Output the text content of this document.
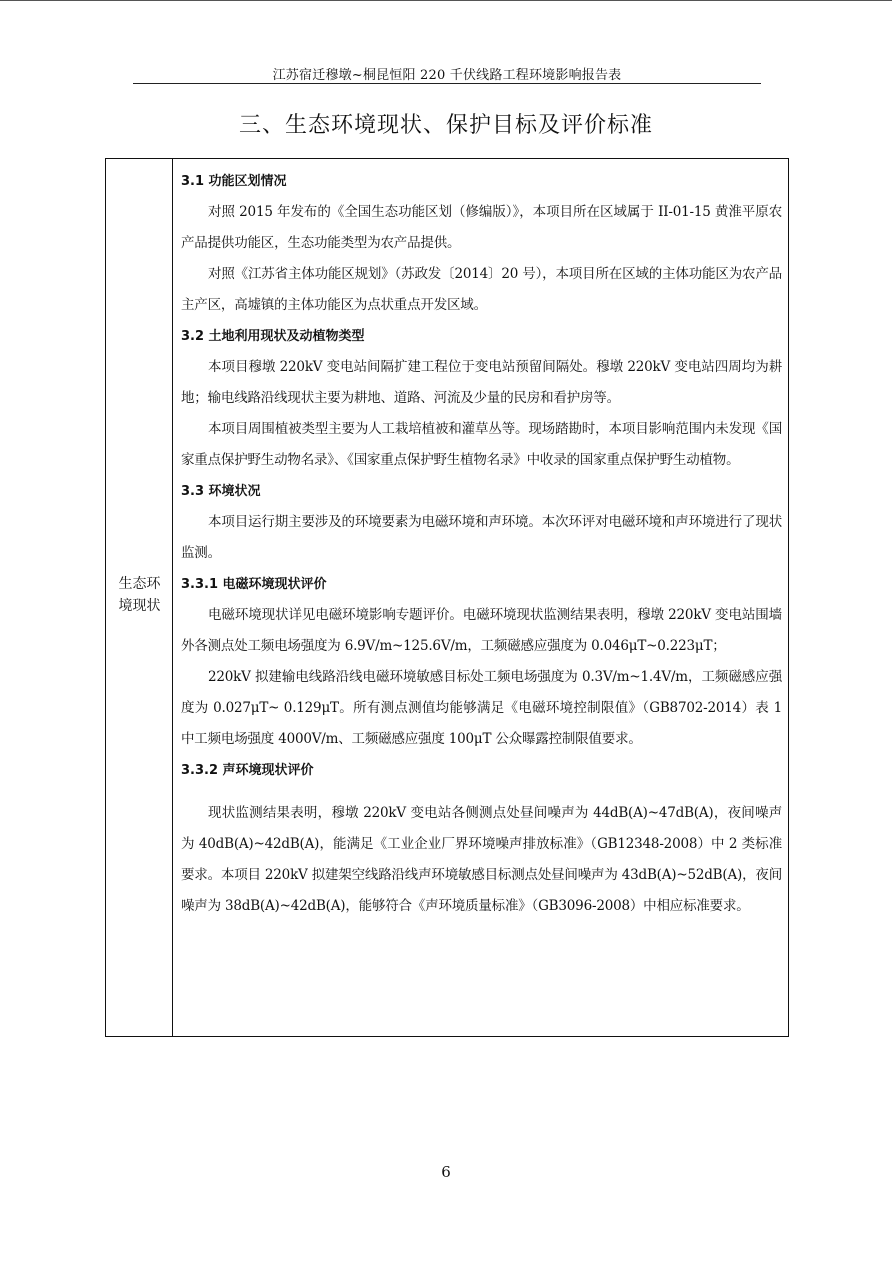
江苏宿迁穆墩~桐昆恒阳 220 千伏线路工程环境影响报告表
三、生态环境现状、保护目标及评价标准
生态环
境现状
3.1 功能区划情况
对照 2015 年发布的《全国生态功能区划（修编版）》，本项目所在区域属于 II-01-15 黄淮平原农产品提供功能区，生态功能类型为农产品提供。
对照《江苏省主体功能区规划》（苏政发〔2014〕20 号），本项目所在区域的主体功能区为农产品主产区，高墟镇的主体功能区为点状重点开发区域。
3.2 土地利用现状及动植物类型
本项目穆墩 220kV 变电站间隔扩建工程位于变电站预留间隔处。穆墩 220kV 变电站四周均为耕地；输电线路沿线现状主要为耕地、道路、河流及少量的民房和看护房等。
本项目周围植被类型主要为人工栽培植被和灌草丛等。现场踏勘时，本项目影响范围内未发现《国家重点保护野生动物名录》、《国家重点保护野生植物名录》中收录的国家重点保护野生动植物。
3.3 环境状况
本项目运行期主要涉及的环境要素为电磁环境和声环境。本次环评对电磁环境和声环境进行了现状监测。
3.3.1 电磁环境现状评价
电磁环境现状详见电磁环境影响专题评价。电磁环境现状监测结果表明，穆墩 220kV 变电站围墙外各测点处工频电场强度为 6.9V/m~125.6V/m，工频磁感应强度为 0.046μT~0.223μT；
220kV 拟建输电线路沿线电磁环境敏感目标处工频电场强度为 0.3V/m~1.4V/m，工频磁感应强度为 0.027μT~ 0.129μT。所有测点测值均能够满足《电磁环境控制限值》（GB8702-2014）表 1 中工频电场强度 4000V/m、工频磁感应强度 100μT 公众曝露控制限值要求。
3.3.2 声环境现状评价
现状监测结果表明，穆墩 220kV 变电站各侧测点处昼间噪声为 44dB(A)~47dB(A)，夜间噪声为 40dB(A)~42dB(A)，能满足《工业企业厂界环境噪声排放标准》（GB12348-2008）中 2 类标准要求。本项目 220kV 拟建架空线路沿线声环境敏感目标测点处昼间噪声为 43dB(A)~52dB(A)，夜间噪声为 38dB(A)~42dB(A)，能够符合《声环境质量标准》（GB3096-2008）中相应标准要求。
6
